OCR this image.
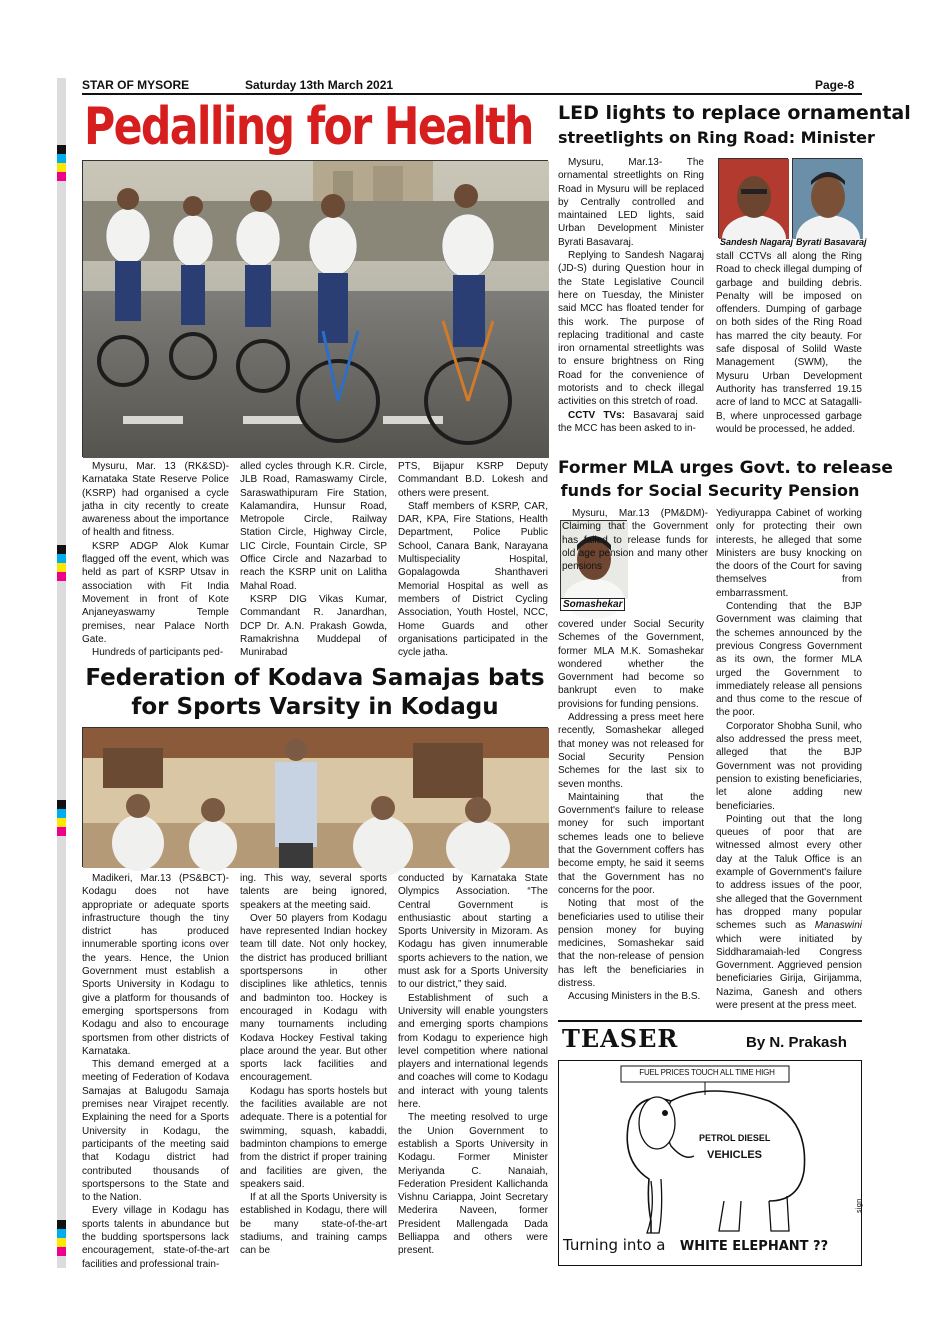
STAR OF MYSORE	Saturday 13th March 2021	Page-8
Pedalling for Health

Mysuru, Mar. 13 (RK&SD)- Karnataka State Reserve Police (KSRP) had organised a cycle jatha in city recently to create awareness about the importance of health and fitness.

KSRP ADGP Alok Kumar flagged off the event, which was held as part of KSRP Utsav in association with Fit India Movement in front of Kote Anjaneyaswamy Temple premises, near Palace North Gate.

Hundreds of participants ped-

alled cycles through K.R. Circle, JLB Road, Ramaswamy Circle, Saraswathipuram Fire Station, Kalamandira, Hunsur Road, Metropole Circle, Railway Station Circle, Highway Circle, LIC Circle, Fountain Circle, SP Office Circle and Nazarbad to reach the KSRP unit on Lalitha Mahal Road.

KSRP DIG Vikas Kumar, Commandant R. Janardhan, DCP Dr. A.N. Prakash Gowda, Ramakrishna Muddepal of Munirabad

PTS, Bijapur KSRP Deputy Commandant B.D. Lokesh and others were present.

Staff members of KSRP, CAR, DAR, KPA, Fire Stations, Health Department, Police Public School, Canara Bank, Narayana Multispeciality Hospital, Gopalagowda Shanthaveri Memorial Hospital as well as members of District Cycling Association, Youth Hostel, NCC, Home Guards and other organisations participated in the cycle jatha.

Federation of Kodava Samajas bats
for Sports Varsity in Kodagu

Madikeri, Mar.13 (PS&BCT)- Kodagu does not have appropriate or adequate sports infrastructure though the tiny district has produced innumerable sporting icons over the years. Hence, the Union Government must establish a Sports University in Kodagu to give a platform for thousands of emerging sportspersons from Kodagu and also to encourage sportsmen from other districts of Karnataka.

This demand emerged at a meeting of Federation of Kodava Samajas at Balugodu Samaja premises near Virajpet recently. Explaining the need for a Sports University in Kodagu, the participants of the meeting said that Kodagu district had contributed thousands of sportspersons to the State and to the Nation.

Every village in Kodagu has sports talents in abundance but the budding sportspersons lack encouragement, state-of-the-art facilities and professional train-

ing. This way, several sports talents are being ignored, speakers at the meeting said.

Over 50 players from Kodagu have represented Indian hockey team till date. Not only hockey, the district has produced brilliant sportspersons in other disciplines like athletics, tennis and badminton too. Hockey is encouraged in Kodagu with many tournaments including Kodava Hockey Festival taking place around the year. But other sports lack facilities and encouragement.

Kodagu has sports hostels but the facilities available are not adequate. There is a potential for swimming, squash, kabaddi, badminton champions to emerge from the district if proper training and facilities are given, the speakers said.

If at all the Sports University is established in Kodagu, there will be many state-of-the-art stadiums, and training camps can be

conducted by Karnataka State Olympics Association. “The Central Government is enthusiastic about starting a Sports University in Mizoram. As Kodagu has given innumerable sports achievers to the nation, we must ask for a Sports University to our district,” they said.

Establishment of such a University will enable youngsters and emerging sports champions from Kodagu to experience high level competition where national players and international legends and coaches will come to Kodagu and interact with young talents here.

The meeting resolved to urge the Union Government to establish a Sports University in Kodagu. Former Minister Meriyanda C. Nanaiah, Federation President Kallichanda Vishnu Cariappa, Joint Secretary Mederira Naveen, former President Mallengada Dada Belliappa and others were present.

LED lights to replace ornamental
streetlights on Ring Road: Minister
Sandesh Nagaraj Byrati Basavaraj

Mysuru, Mar.13- The ornamental streetlights on Ring Road in Mysuru will be replaced by Centrally controlled and maintained LED lights, said Urban Development Minister Byrati Basavaraj.

Replying to Sandesh Nagaraj (JD-S) during Question hour in the State Legislative Council here on Tuesday, the Minister said MCC has floated tender for this work. The purpose of replacing traditional and caste iron ornamental streetlights was to ensure brightness on Ring Road for the convenience of motorists and to check illegal activities on this stretch of road.

CCTV TVs: Basavaraj said the MCC has been asked to in-

stall CCTVs all along the Ring Road to check illegal dumping of garbage and building debris. Penalty will be imposed on offenders. Dumping of garbage on both sides of the Ring Road has marred the city beauty. For safe disposal of Solild Waste Management (SWM), the Mysuru Urban Development Authority has transferred 19.15 acre of land to MCC at Satagalli-B, where unprocessed garbage would be processed, he added.

Former MLA urges Govt. to release
funds for Social Security Pension
Somashekar
Mysuru, Mar.13 (PM&DM)- Claiming that the Government has failed to release funds for old age pension and many other pensions

covered under Social Security Schemes of the Government, former MLA M.K. Somashekar wondered whether the Government had become so bankrupt even to make provisions for funding pensions.

Addressing a press meet here recently, Somashekar alleged that money was not released for Social Security Pension Schemes for the last six to seven months.

Maintaining that the Government's failure to release money for such important schemes leads one to believe that the Government coffers has become empty, he said it seems that the Government has no concerns for the poor.

Noting that most of the beneficiaries used to utilise their pension money for buying medicines, Somashekar said that the non-release of pension has left the beneficiaries in distress.

Accusing Ministers in the B.S.

Yediyurappa Cabinet of working only for protecting their own interests, he alleged that some Ministers are busy knocking on the doors of the Court for saving themselves from embarrassment.

Contending that the BJP Government was claiming that the schemes announced by the previous Congress Government as its own, the former MLA urged the Government to immediately release all pensions and thus come to the rescue of the poor.

Corporator Shobha Sunil, who also addressed the press meet, alleged that the BJP Government was not providing pension to existing beneficiaries, let alone adding new beneficiaries.

Pointing out that the long queues of poor that are witnessed almost every other day at the Taluk Office is an example of Government's failure to address issues of the poor, she alleged that the Government has dropped many popular schemes such as Manaswini which were initiated by Siddharamaiah-led Congress Government. Aggrieved pension beneficiaries Girija, Girijamma, Nazima, Ganesh and others were present at the press meet.

TEASER	By N. Prakash
sign
FUEL PRICES TOUCH ALL TIME HIGH
PETROL DIESEL
VEHICLES
Turning into a WHITE ELEPHANT ??
